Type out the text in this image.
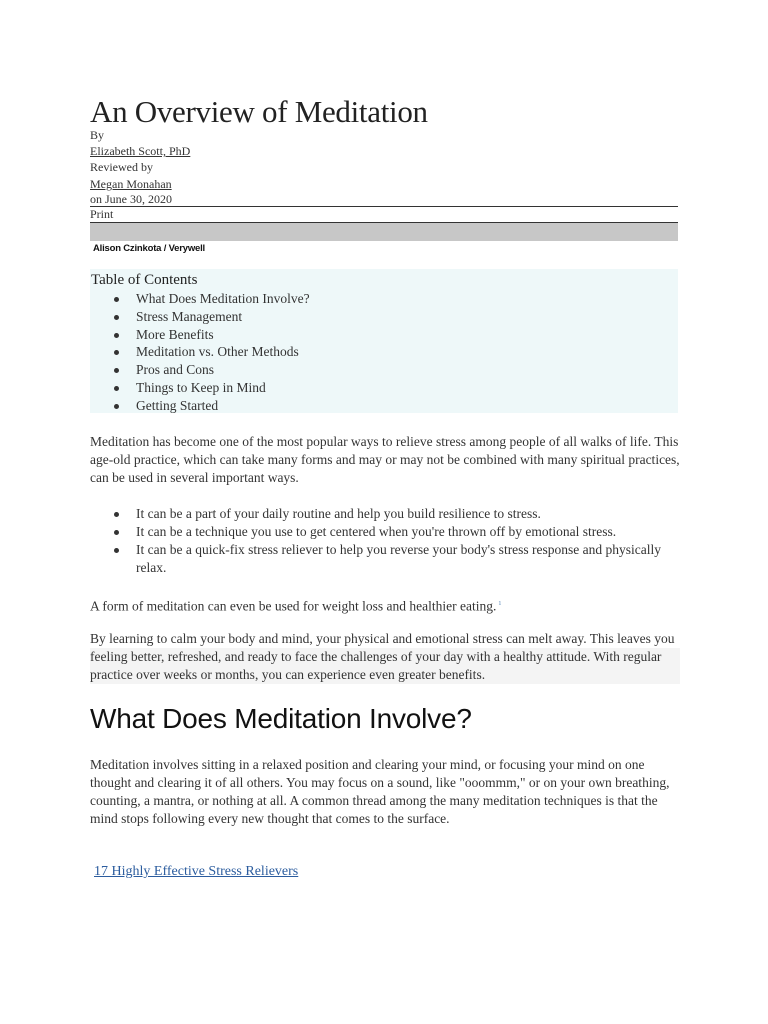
An Overview of Meditation
By
Elizabeth Scott, PhD
Reviewed by
Megan Monahan
on June 30, 2020
Print
Alison Czinkota / Verywell
Table of Contents
What Does Meditation Involve?
Stress Management
More Benefits
Meditation vs. Other Methods
Pros and Cons
Things to Keep in Mind
Getting Started

Meditation has become one of the most popular ways to relieve stress among people of all walks of life. This age-old practice, which can take many forms and may or may not be combined with many spiritual practices, can be used in several important ways.

It can be a part of your daily routine and help you build resilience to stress.
It can be a technique you use to get centered when you're thrown off by emotional stress.
It can be a quick-fix stress reliever to help you reverse your body's stress response and physically relax.

A form of meditation can even be used for weight loss and healthier eating. $^1$

By learning to calm your body and mind, your physical and emotional stress can melt away. This leaves you feeling better, refreshed, and ready to face the challenges of your day with a healthy attitude. With regular practice over weeks or months, you can experience even greater benefits.

What Does Meditation Involve?

Meditation involves sitting in a relaxed position and clearing your mind, or focusing your mind on one thought and clearing it of all others. You may focus on a sound, like "ooommm," or on your own breathing, counting, a mantra, or nothing at all. A common thread among the many meditation techniques is that the mind stops following every new thought that comes to the surface.

17 Highly Effective Stress Relievers
